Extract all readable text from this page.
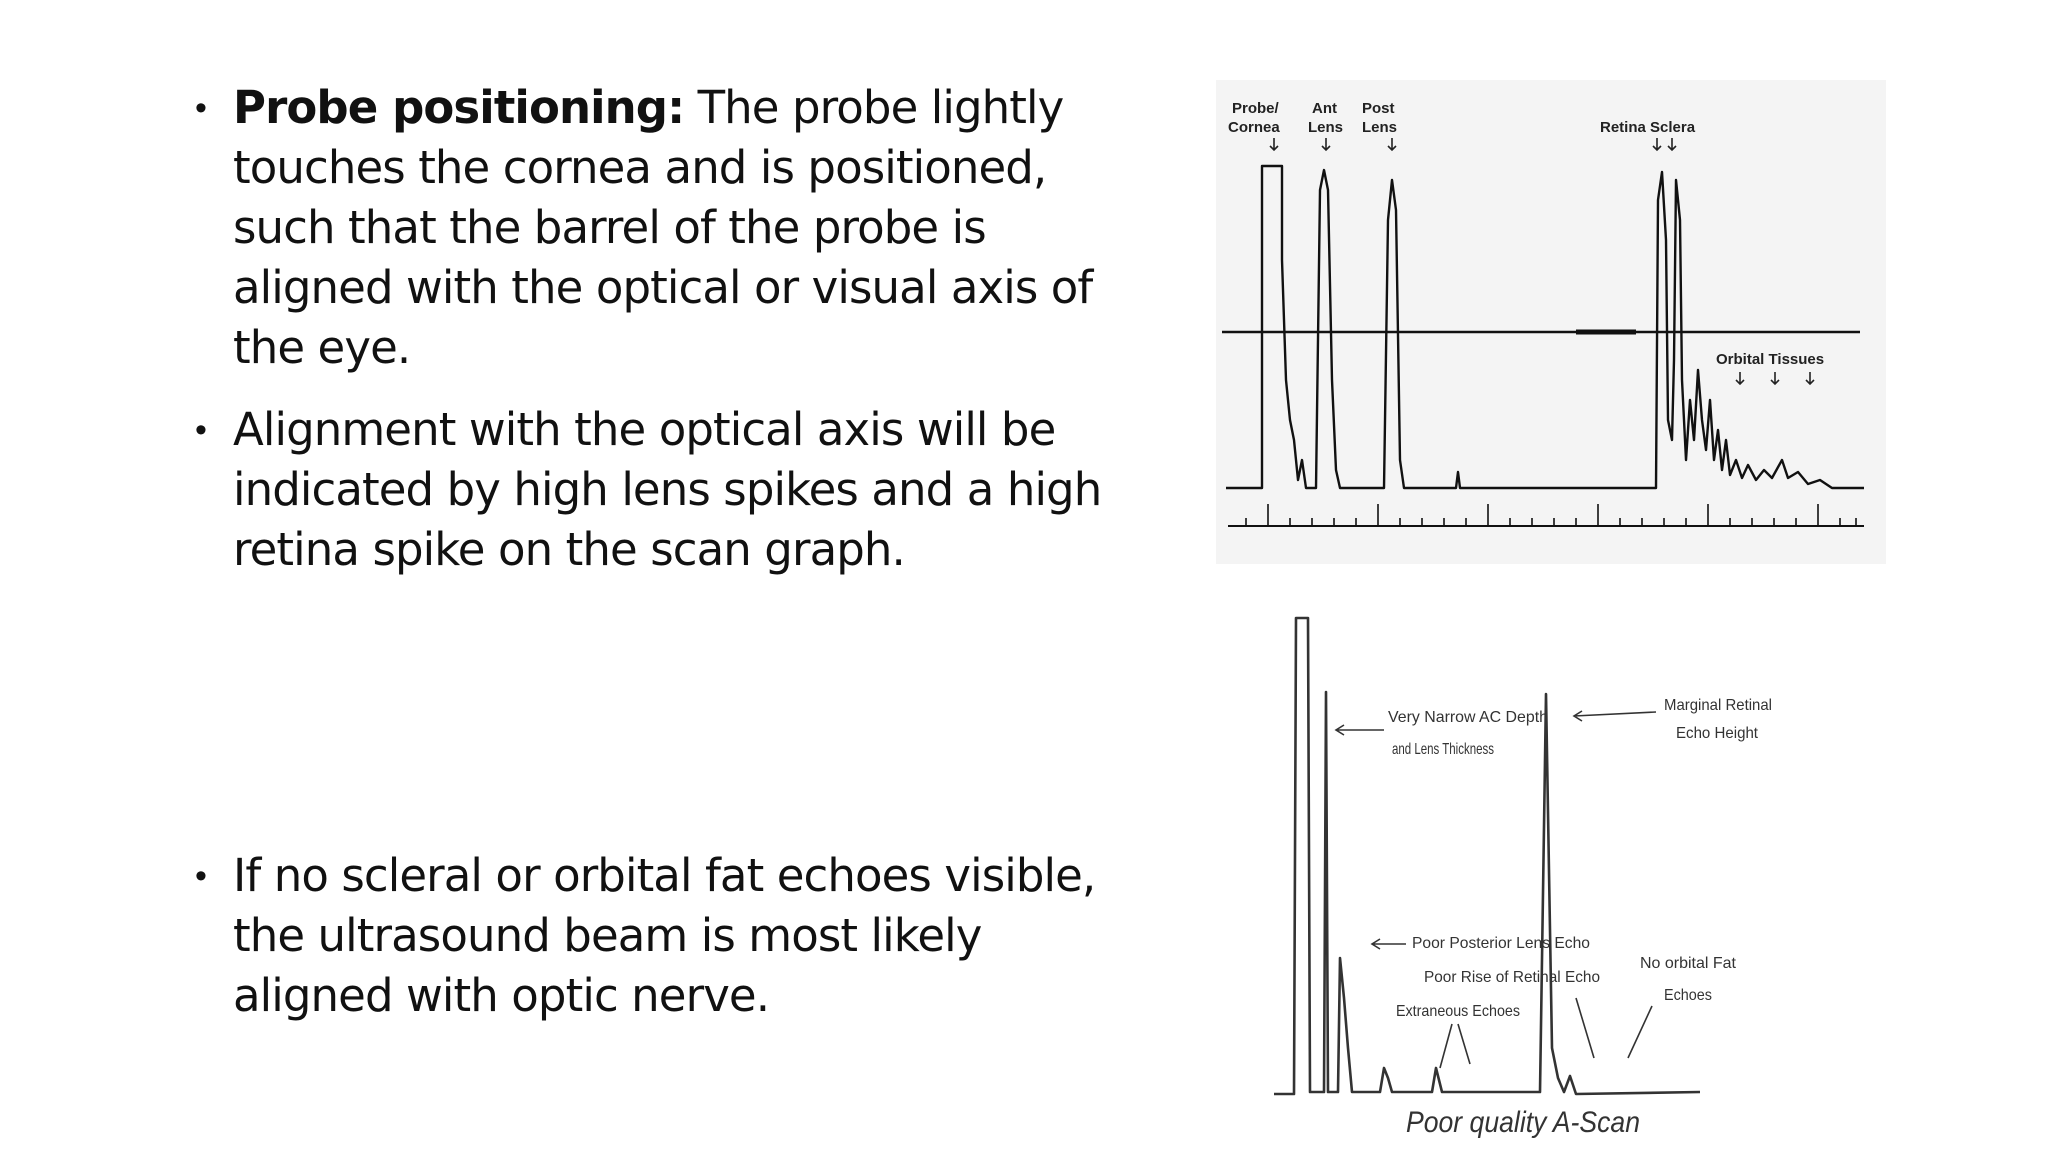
• Probe positioning: The probe lightly touches the cornea and is positioned, such that the barrel of the probe is aligned with the optical or visual axis of the eye.
• Alignment with the optical axis will be indicated by high lens spikes and a high retina spike on the scan graph.
• If no scleral or orbital fat echoes visible, the ultrasound beam is most likely aligned with optic nerve.
Probe/
Cornea
Ant
Lens
Post
Lens	Retina Sclera
Orbital Tissues
Very Narrow AC Depth
and Lens Thickness
Marginal Retinal
Echo Height
Poor Posterior Lens Echo
Poor Rise of Retinal Echo
Extraneous Echoes
No orbital Fat
Echoes
Poor quality A-Scan
